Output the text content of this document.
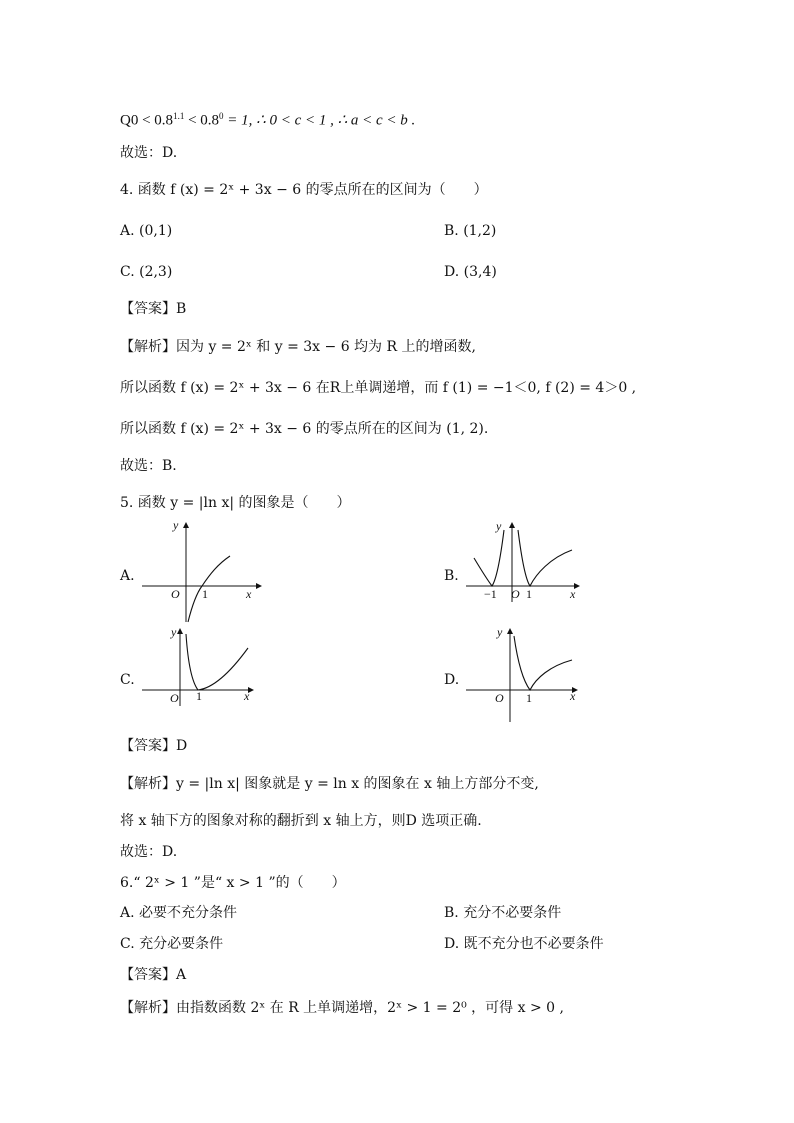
$Q0 < 0.8^{1.1} < 0.8^0 = 1$, ∴ 0 < c < 1 , ∴ a < c < b .
故选：D.
4. 函数 f (x) = 2ˣ + 3x − 6 的零点所在的区间为（　　）
A. (0,1)	B. (1,2)
C. (2,3)	D. (3,4)
【答案】B
【解析】因为 y = 2ˣ 和 y = 3x − 6 均为 R 上的增函数,
所以函数 f (x) = 2ˣ + 3x − 6 在R上单调递增，而 f (1) = −1＜0, f (2) = 4＞0 ,
所以函数 f (x) = 2ˣ + 3x − 6 的零点所在的区间为 (1, 2).
故选：B.
5. 函数 y = |ln x| 的图象是（　　）
A.
y
x
O 1
B.
y
x
O 1
−1
C.
y
x
O 1
D.
y
x
O 1
【答案】D
【解析】y = |ln x| 图象就是 y = ln x 的图象在 x 轴上方部分不变,
将 x 轴下方的图象对称的翻折到 x 轴上方，则D 选项正确.
故选：D.
6.“ 2ˣ > 1 ”是“ x > 1 ”的（　　）
A. 必要不充分条件	B. 充分不必要条件
C. 充分必要条件	D. 既不充分也不必要条件
【答案】A
【解析】由指数函数 2ˣ 在 R 上单调递增，2ˣ > 1 = 2⁰ ，可得 x > 0 ,
